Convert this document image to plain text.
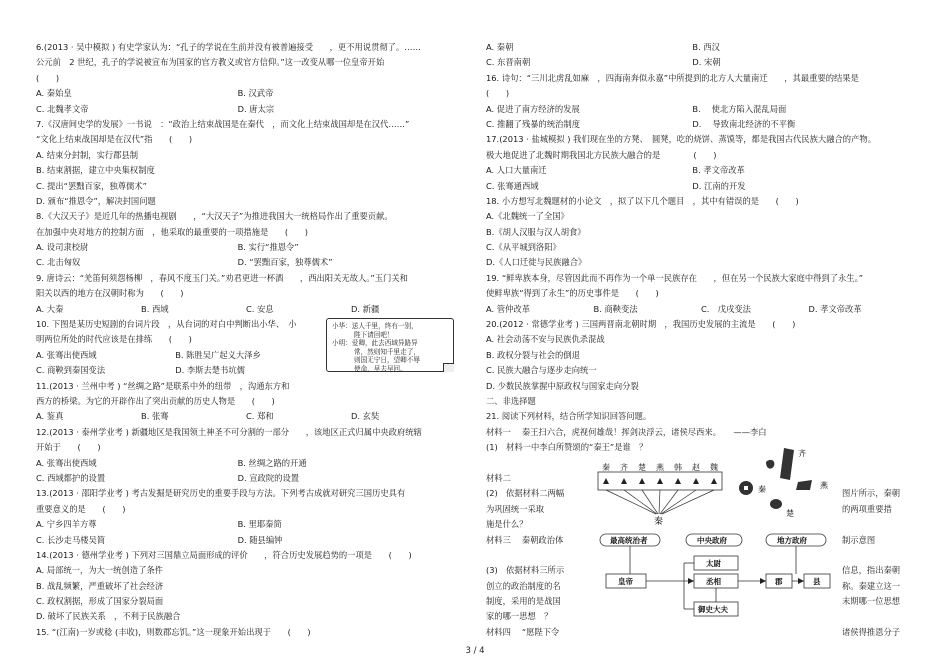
6.(2013 · 吴中模拟 ) 有史学家认为：“孔子的学说在生前并没有被普遍接受　　，更不用说贯彻了。……
公元前　2 世纪，孔子的学说被宣布为国家的官方教义或官方信仰。”这一改变从哪一位皇帝开始
(　　)
A. 秦始皇	B. 汉武帝
C. 北魏孝文帝	D. 唐太宗
7.《汉唐间史学的发展》一书说　：“政治上结束战国是在秦代　，而文化上结束战国却是在汉代……”
“文化上结束战国却是在汉代”指　　(　　)
A. 结束分封制，实行郡县制
B. 结束割据，建立中央集权制度
C. 提出“罢黜百家，独尊儒术”
D. 颁布“推恩令”，解决封国问题
8.《大汉天子》是近几年的热播电视剧　　，“大汉天子”为推进我国大一统格局作出了重要贡献。
在加强中央对地方的控制方面　，他采取的最重要的一项措施是　　(　　)
A. 设司隶校尉	B. 实行“推恩令”
C. 北击匈奴	D. “罢黜百家，独尊儒术”
9. 唐诗云：“羌笛何须怨杨柳　，春风不度玉门关。”劝君更进一杯酒　　，西出阳关无故人。”玉门关和
阳关以西的地方在汉朝时称为　　(　　)
A. 大秦	B. 西域	C. 安息	D. 新疆
10. 下图是某历史短剧的台词片段　，从台词的对白中判断出小华、　小
明两位所处的时代应该是在排练　　(　　)
A. 张骞出使西域	B. 陈胜吴广起义大泽乡
C. 商鞅到秦国变法	D. 李斯去楚书坑儒
11.(2013 · 兰州中考 ) “丝绸之路”是联系中外的纽带　，沟通东方和
西方的桥梁。为它的开辟作出了突出贡献的历史人物是　　(　　)
A. 鉴真	B. 张骞	C. 郑和	D. 玄奘
12.(2013 · 泰州学业考 ) 新疆地区是我国领土神圣不可分割的一部分　　，该地区正式归属中央政府统辖
开始于　　(　　)
A. 张骞出使西域	B. 丝绸之路的开通
C. 西域都护的设置	D. 宣政院的设置
13.(2013 · 邵阳学业考 ) 考古发掘是研究历史的重要手段与方法。下列考古成就对研究三国历史具有
重要意义的是　　(　　)
A. 宁乡四羊方尊	B. 里耶秦简
C. 长沙走马楼吴简	D. 随县编钟
14.(2013 · 德州学业考 ) 下列对三国鼎立局面形成的评价　　，符合历史发展趋势的一项是　　(　　)
A. 局部统一，为大一统创造了条件
B. 战乱频繁，严重破坏了社会经济
C. 政权割据，形成了国家分裂局面
D. 破坏了民族关系　，不利于民族融合
15. “(江南)一岁或稔 (丰收)，则数郡忘饥。”这一现象开始出现于　　(　　)
小华：送人千里，终有一别，
陛下请回吧！
小明：爱卿，此去西域异路异
常，然则知千里走了，
则国无宁日，望卿不辱
使命，早去早回。
A. 秦朝	B. 西汉
C. 东晋南朝	D. 宋朝
16. 诗句：“三川北虏乱如麻　，四海南奔似永嘉”中所提到的北方人大量南迁　　，其最重要的结果是
(　　)
A. 促进了南方经济的发展	B. 　使北方陷入混乱局面
C. 推翻了残暴的统治制度	D. 　导致南北经济的不平衡
17.(2013 · 盐城模拟 ) 我们现在坐的方凳、　圆凳，吃的烧饼、蒸馍等，都是我国古代民族大融合的产物。
极大地促进了北魏时期我国北方民族大融合的是　　　　(　　)
A. 人口大量南迁	B. 孝文帝改革
C. 张骞通西域	D. 江南的开发
18. 小方想写北魏题材的小论文　，拟了以下几个题目　，其中有错误的是　　(　　)
A.《北魏统一了全国》
B.《胡人汉服与汉人胡食》
C.《从平城到洛阳》
D.《人口迁徙与民族融合》
19. “鲜卑族本身，尽管因此而不再作为一个单一民族存在　　，但在另一个民族大家庭中得到了永生。”
使鲜卑族“得到了永生”的历史事件是　　(　　)
A. 管仲改革	B. 商鞅变法	C.　戊戌变法	D. 孝文帝改革
20.(2012 · 常德学业考 ) 三国两晋南北朝时期　，我国历史发展的主流是　　(　　)
A. 社会动荡不安与民族仇杀混战
B. 政权分裂与社会的倒退
C. 民族大融合与逐步走向统一
D. 少数民族掌握中原政权与国家走向分裂
二、非选择题
21. 阅读下列材料，结合所学知识回答问题。
材料一　 秦王扫六合，虎视何雄哉！挥剑决浮云，诸侯尽西来。　　——李白
(1)　材料一中李白所赞颂的“秦王”是谁　？
材料二
(2)　依据材料二两幅	图片所示，秦朝
为巩固统一采取	的两项重要措
施是什么？
材料三　 秦朝政治体	制示意图
(3)　依据材料三所示	信息，指出秦朝
创立的政治制度的名	称。秦建立这一
制度，采用的是战国	末期哪一位思想
家的哪一思想　？
材料四　 “愿陛下令	诸侯得推恩分子
秦 齐 楚 燕 韩 赵 魏
秦
齐
秦	燕
楚
最高统治者	中央政府	地方政府
皇帝
太尉
丞相
御史大夫
郡	县
3 / 4
